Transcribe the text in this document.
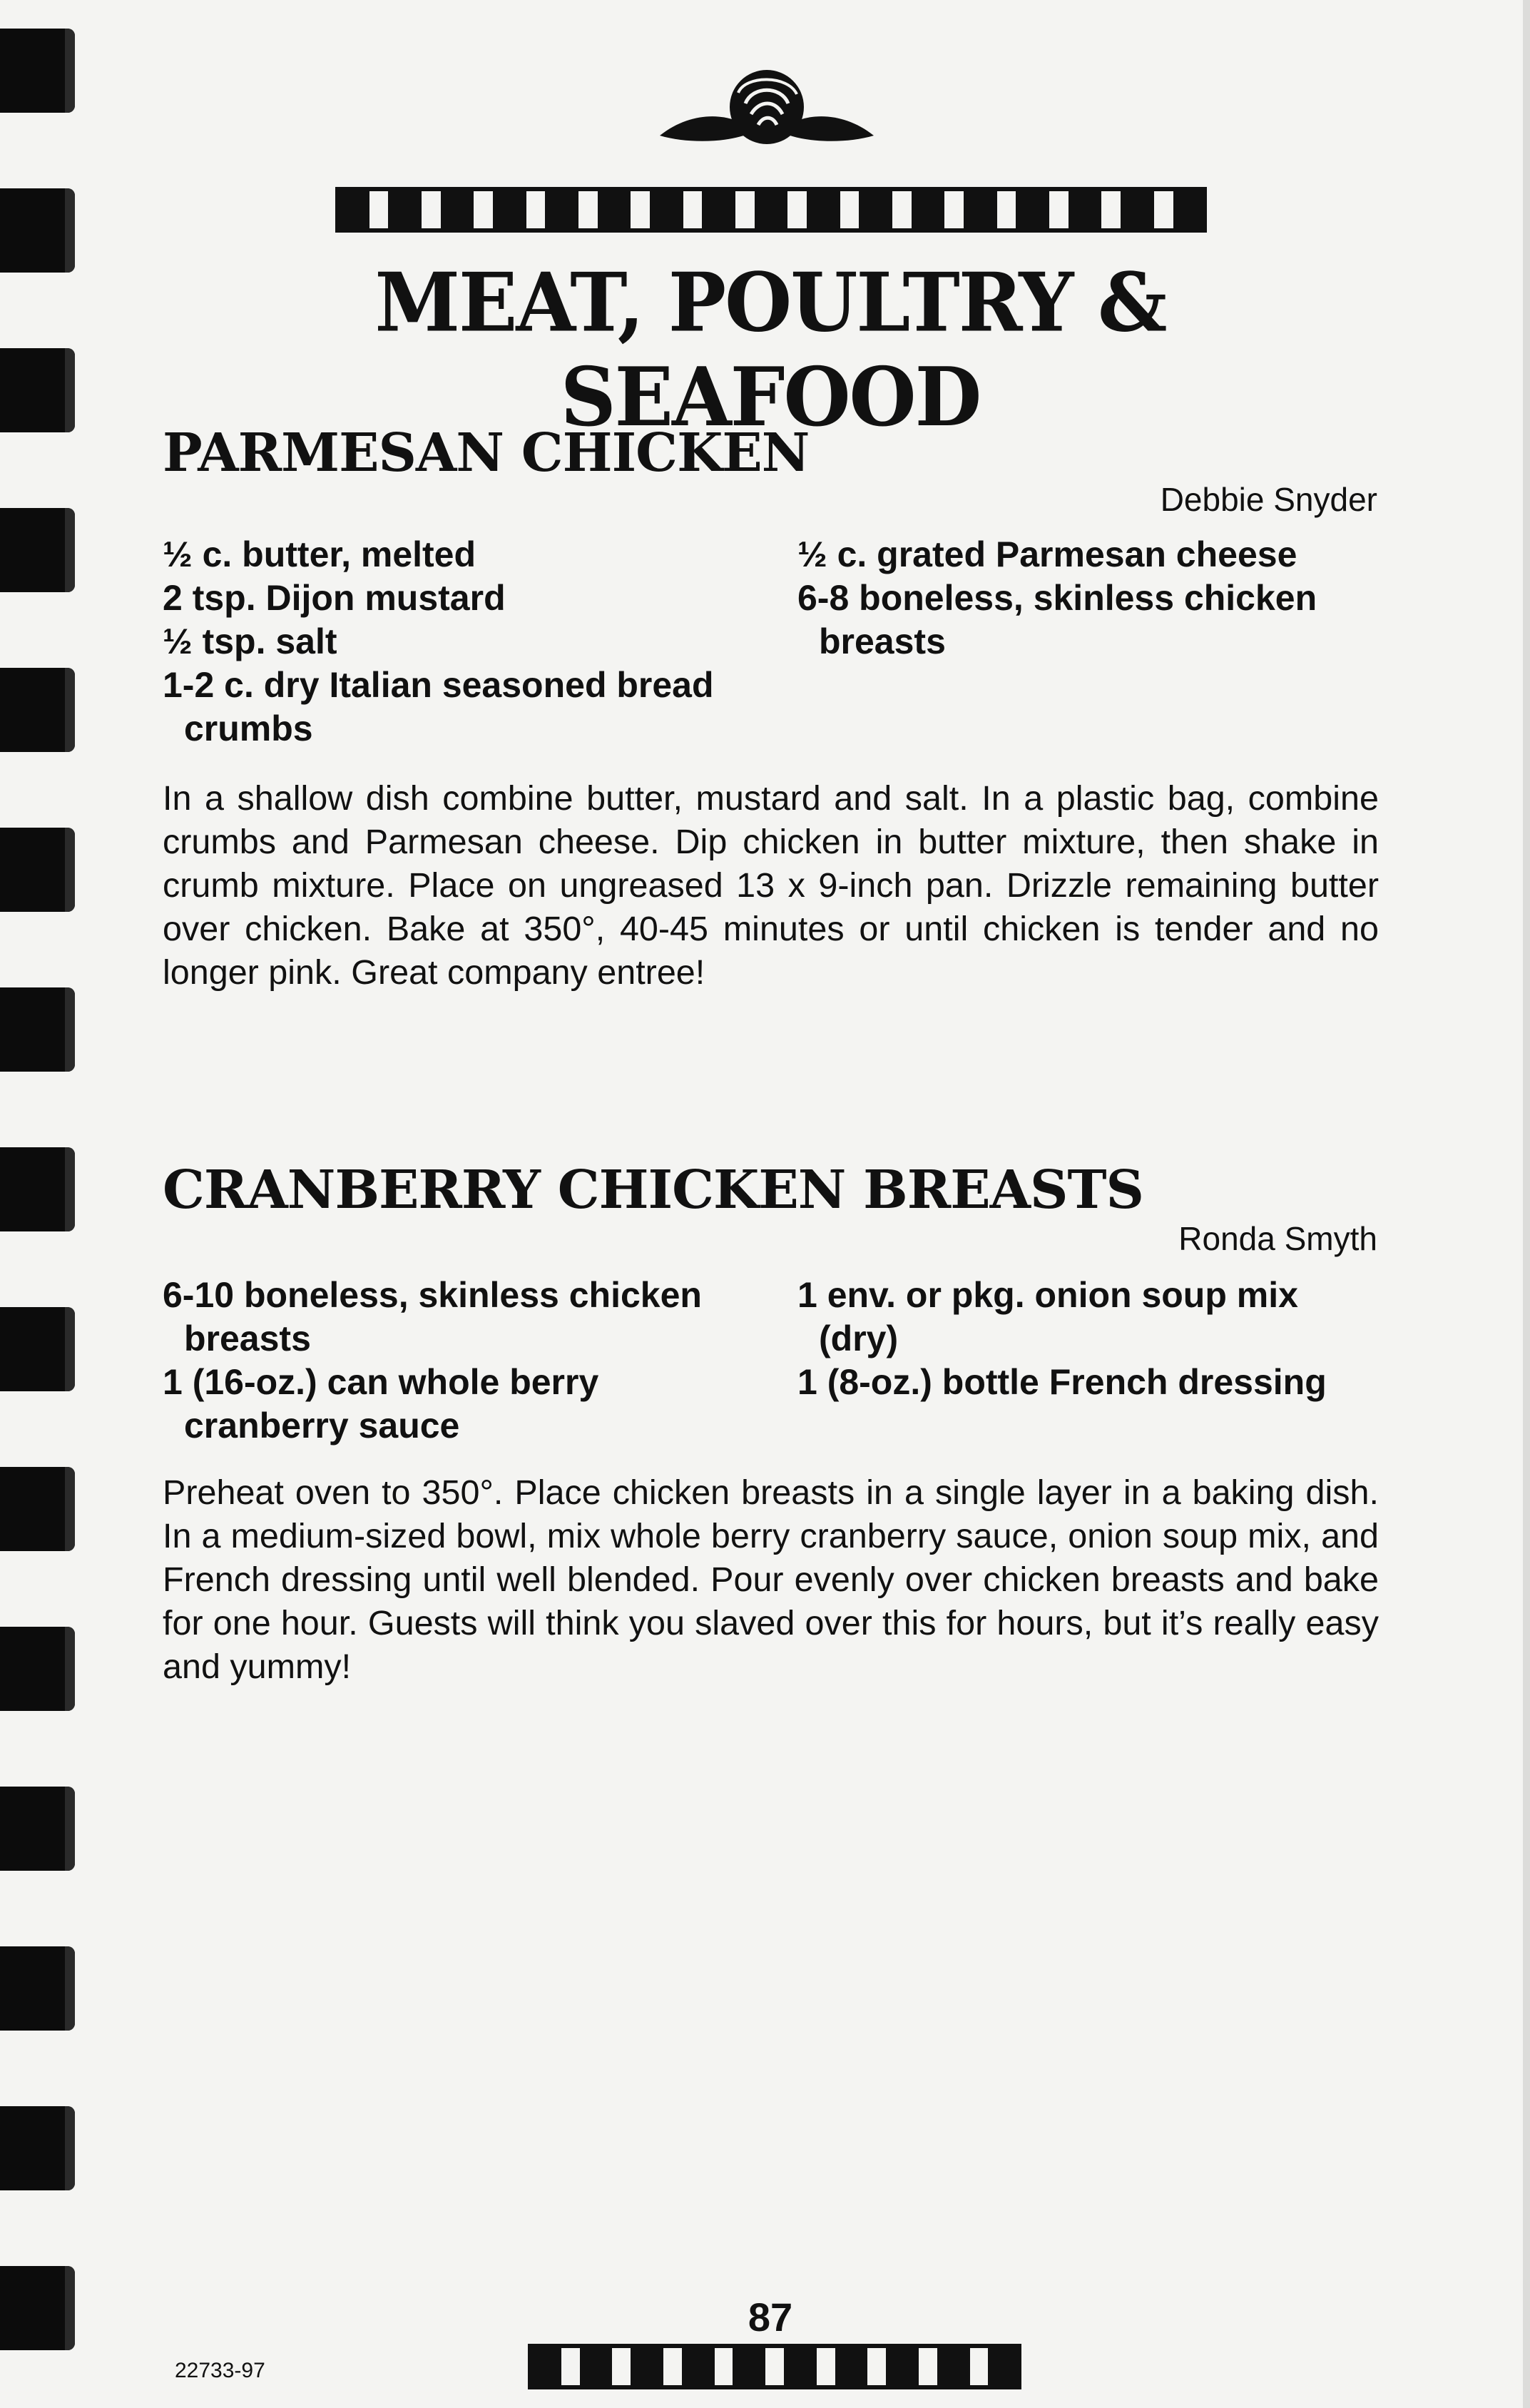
MEAT, POULTRY & SEAFOOD
PARMESAN CHICKEN
Debbie Snyder
½ c. butter, melted
2 tsp. Dijon mustard
½ tsp. salt
1-2 c. dry Italian seasoned bread
crumbs
½ c. grated Parmesan cheese
6-8 boneless, skinless chicken
breasts
In a shallow dish combine butter, mustard and salt. In a plastic bag, combine crumbs and Parmesan cheese. Dip chicken in butter mixture, then shake in crumb mixture. Place on ungreased 13 x 9-inch pan. Drizzle remaining butter over chicken. Bake at 350°, 40-45 minutes or until chicken is tender and no longer pink. Great company entree!
CRANBERRY CHICKEN BREASTS
Ronda Smyth
6-10 boneless, skinless chicken
breasts
1 (16-oz.) can whole berry
cranberry sauce
1 env. or pkg. onion soup mix
(dry)
1 (8-oz.) bottle French dressing
Preheat oven to 350°. Place chicken breasts in a single layer in a baking dish. In a medium-sized bowl, mix whole berry cranberry sauce, onion soup mix, and French dressing until well blended. Pour evenly over chicken breasts and bake for one hour. Guests will think you slaved over this for hours, but it’s really easy and yummy!
87
22733-97
